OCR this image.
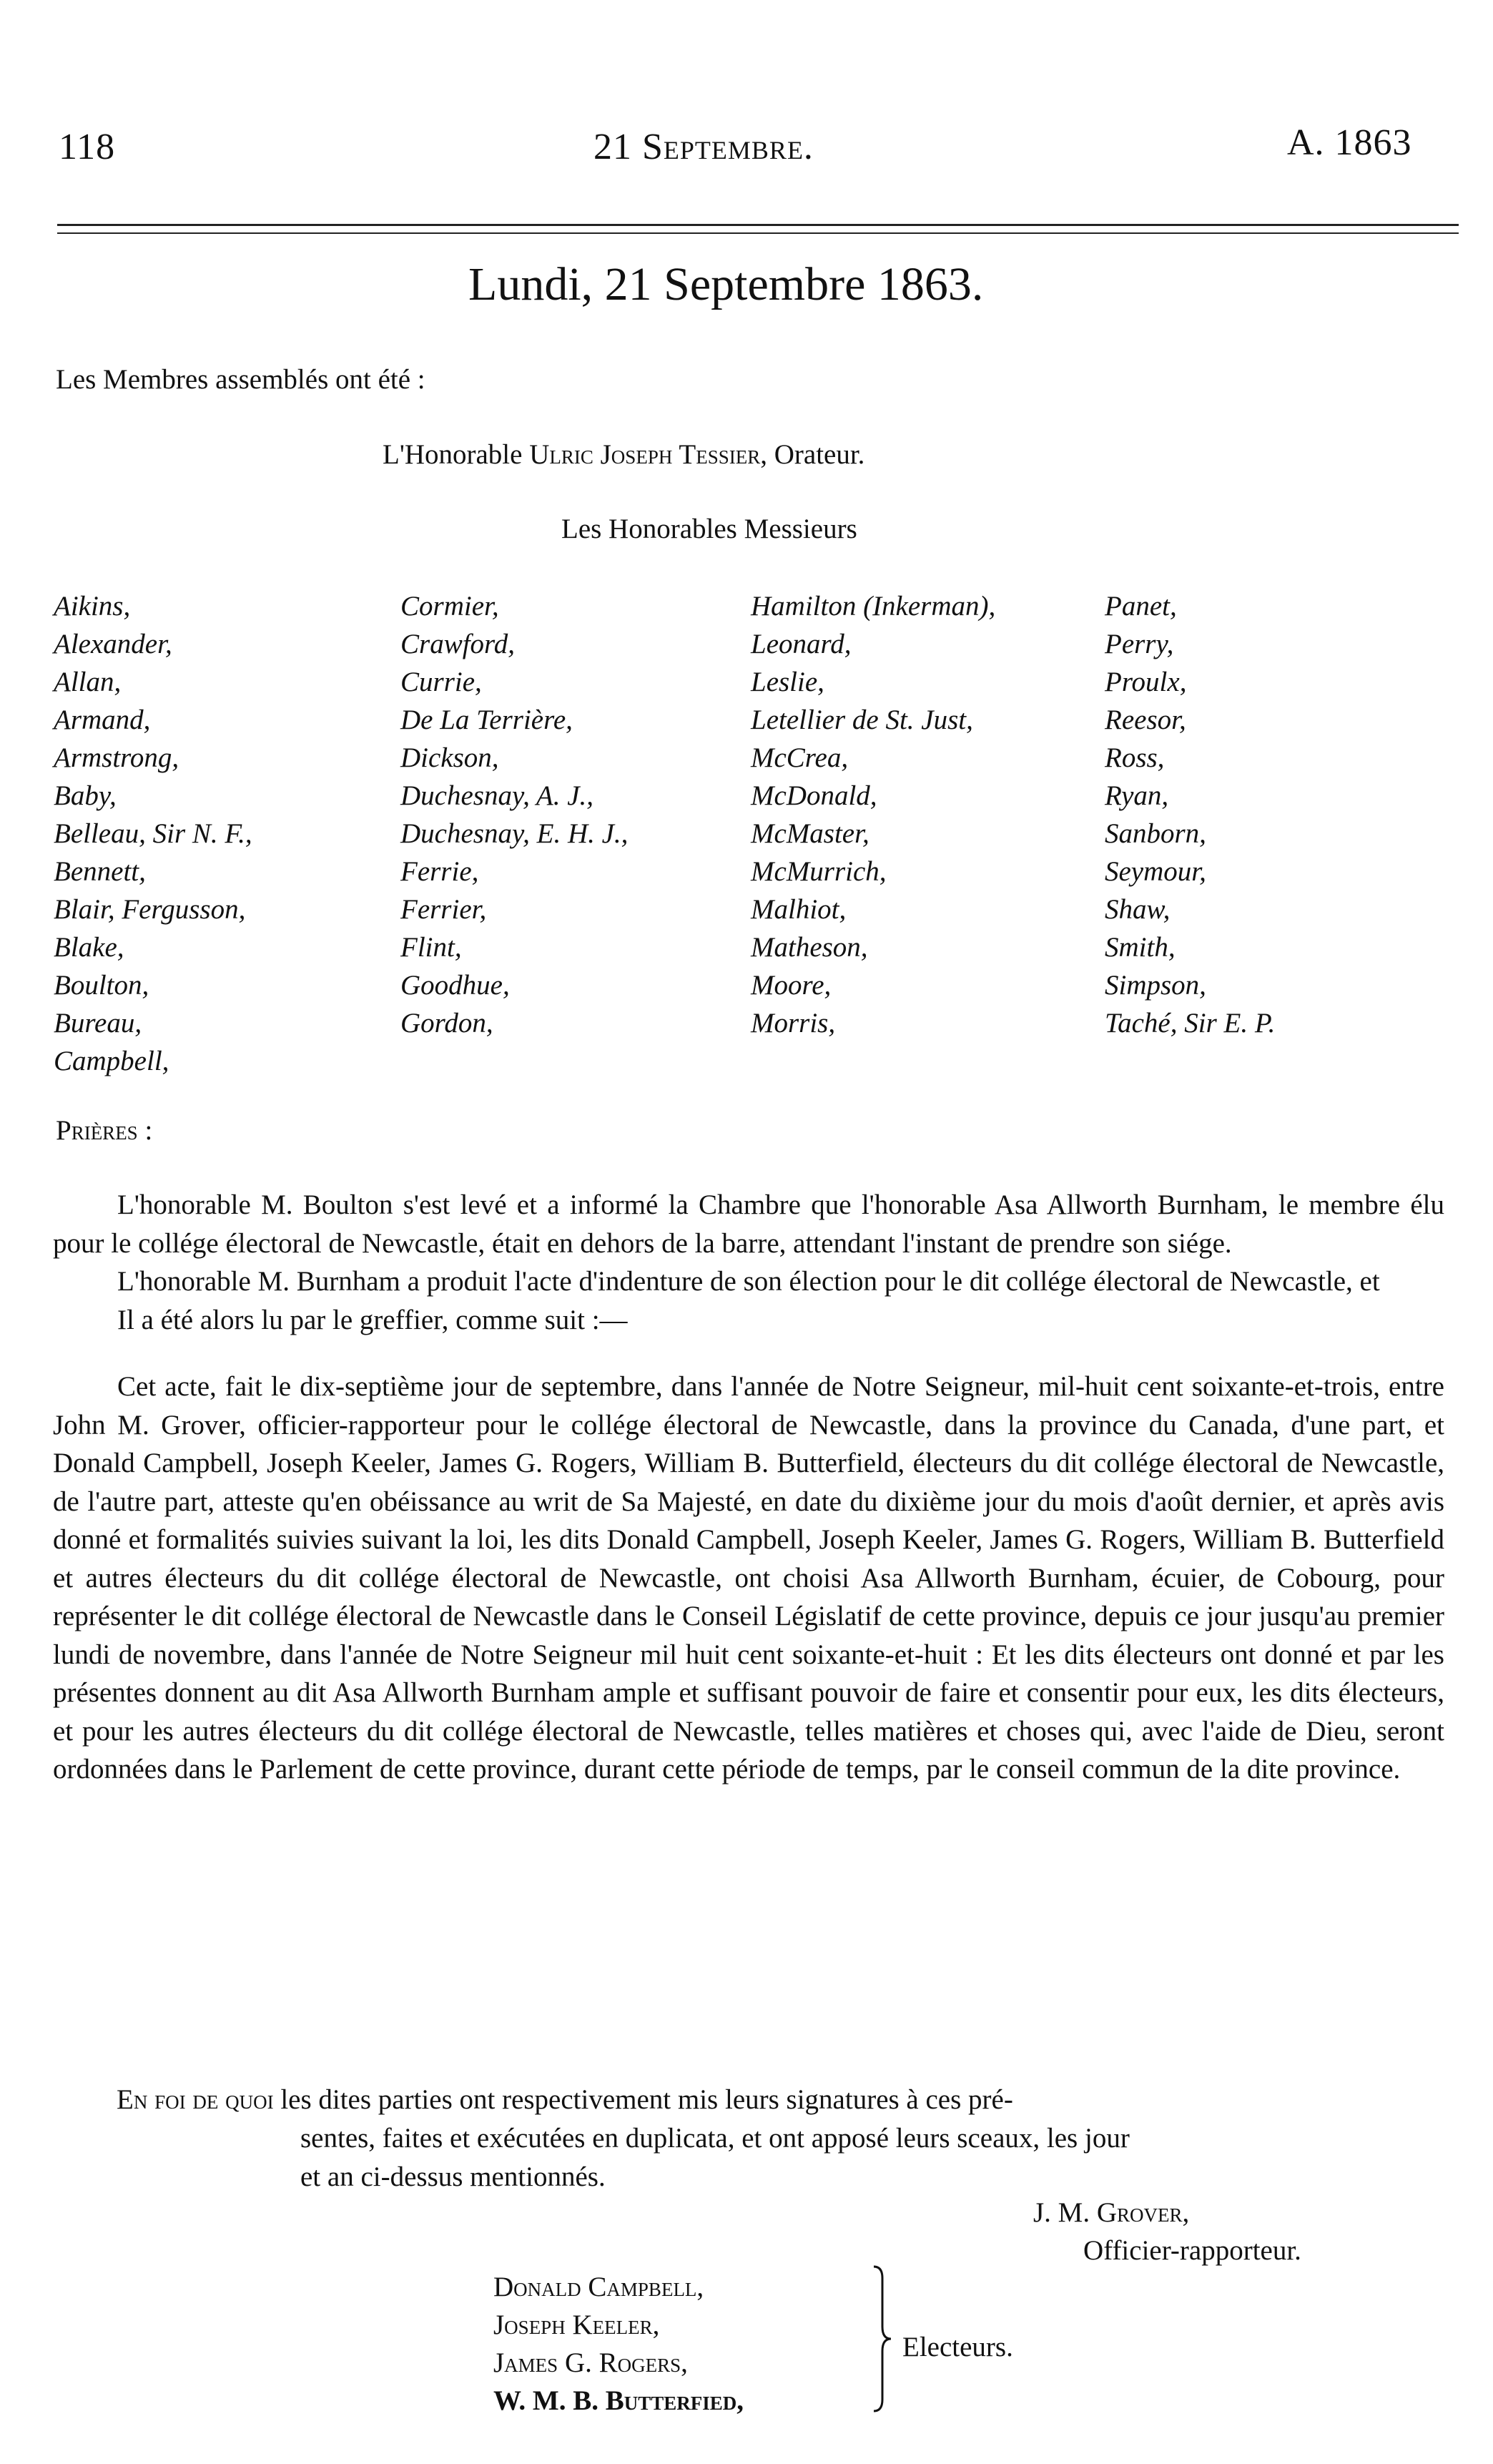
118	21 Septembre.	A. 1863
Lundi, 21 Septembre 1863.
Les Membres assemblés ont été :
L'Honorable Ulric Joseph Tessier, Orateur.
Les Honorables Messieurs
Aikins,
Alexander,
Allan,
Armand,
Armstrong,
Baby,
Belleau, Sir N. F.,
Bennett,
Blair, Fergusson,
Blake,
Boulton,
Bureau,
Campbell,
Cormier,
Crawford,
Currie,
De La Terrière,
Dickson,
Duchesnay, A. J.,
Duchesnay, E. H. J.,
Ferrie,
Ferrier,
Flint,
Goodhue,
Gordon,
Hamilton (Inkerman),
Leonard,
Leslie,
Letellier de St. Just,
McCrea,
McDonald,
McMaster,
McMurrich,
Malhiot,
Matheson,
Moore,
Morris,
Panet,
Perry,
Proulx,
Reesor,
Ross,
Ryan,
Sanborn,
Seymour,
Shaw,
Smith,
Simpson,
Taché, Sir E. P.
Prières :

L'honorable M. Boulton s'est levé et a informé la Chambre que l'honorable Asa Allworth Burnham, le membre élu pour le collége électoral de Newcastle, était en dehors de la barre, attendant l'instant de prendre son siége.

L'honorable M. Burnham a produit l'acte d'indenture de son élection pour le dit collége électoral de Newcastle, et

Il a été alors lu par le greffier, comme suit :—

Cet acte, fait le dix-septième jour de septembre, dans l'année de Notre Seigneur, mil-huit cent soixante-et-trois, entre John M. Grover, officier-rapporteur pour le collége électoral de Newcastle, dans la province du Canada, d'une part, et Donald Campbell, Joseph Keeler, James G. Rogers, William B. Butterfield, électeurs du dit collége électoral de Newcastle, de l'autre part, atteste qu'en obéissance au writ de Sa Majesté, en date du dixième jour du mois d'août dernier, et après avis donné et formalités suivies suivant la loi, les dits Donald Campbell, Joseph Keeler, James G. Rogers, William B. Butterfield et autres électeurs du dit collége électoral de Newcastle, ont choisi Asa Allworth Burnham, écuier, de Cobourg, pour représenter le dit collége électoral de Newcastle dans le Conseil Législatif de cette province, depuis ce jour jusqu'au premier lundi de novembre, dans l'année de Notre Seigneur mil huit cent soixante-et-huit : Et les dits électeurs ont donné et par les présentes donnent au dit Asa Allworth Burnham ample et suffisant pouvoir de faire et consentir pour eux, les dits électeurs, et pour les autres électeurs du dit collége électoral de Newcastle, telles matières et choses qui, avec l'aide de Dieu, seront ordonnées dans le Parlement de cette province, durant cette période de temps, par le conseil commun de la dite province.

En foi de quoi les dites parties ont respectivement mis leurs signatures à ces pré-
sentes, faites et exécutées en duplicata, et ont apposé leurs sceaux, les jour
et an ci-dessus mentionnés.
J. M. Grover,
Officier-rapporteur.
Donald Campbell,
Joseph Keeler,
James G. Rogers,
W. M. B. Butterfied,
Electeurs.
